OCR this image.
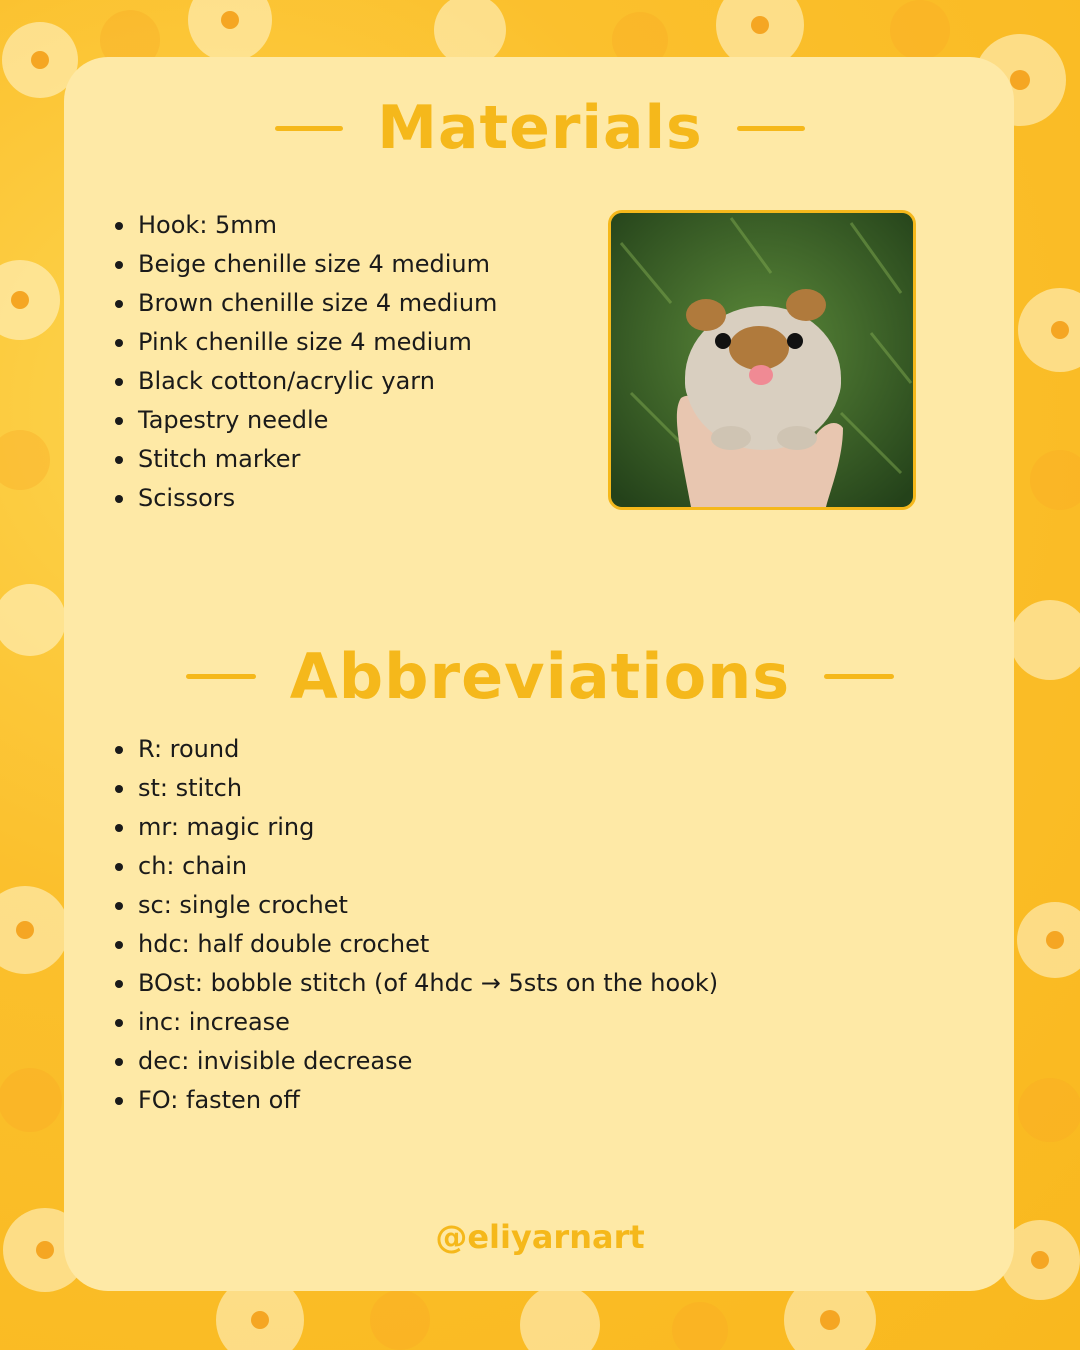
Materials
Hook: 5mm
Beige chenille size 4 medium
Brown chenille size 4 medium
Pink chenille size 4 medium
Black cotton/acrylic yarn
Tapestry needle
Stitch marker
Scissors
Abbreviations
R: round
st: stitch
mr: magic ring
ch: chain
sc: single crochet
hdc: half double crochet
BOst: bobble stitch (of 4hdc → 5sts on the hook)
inc: increase
dec: invisible decrease
FO: fasten off
@eliyarnart
